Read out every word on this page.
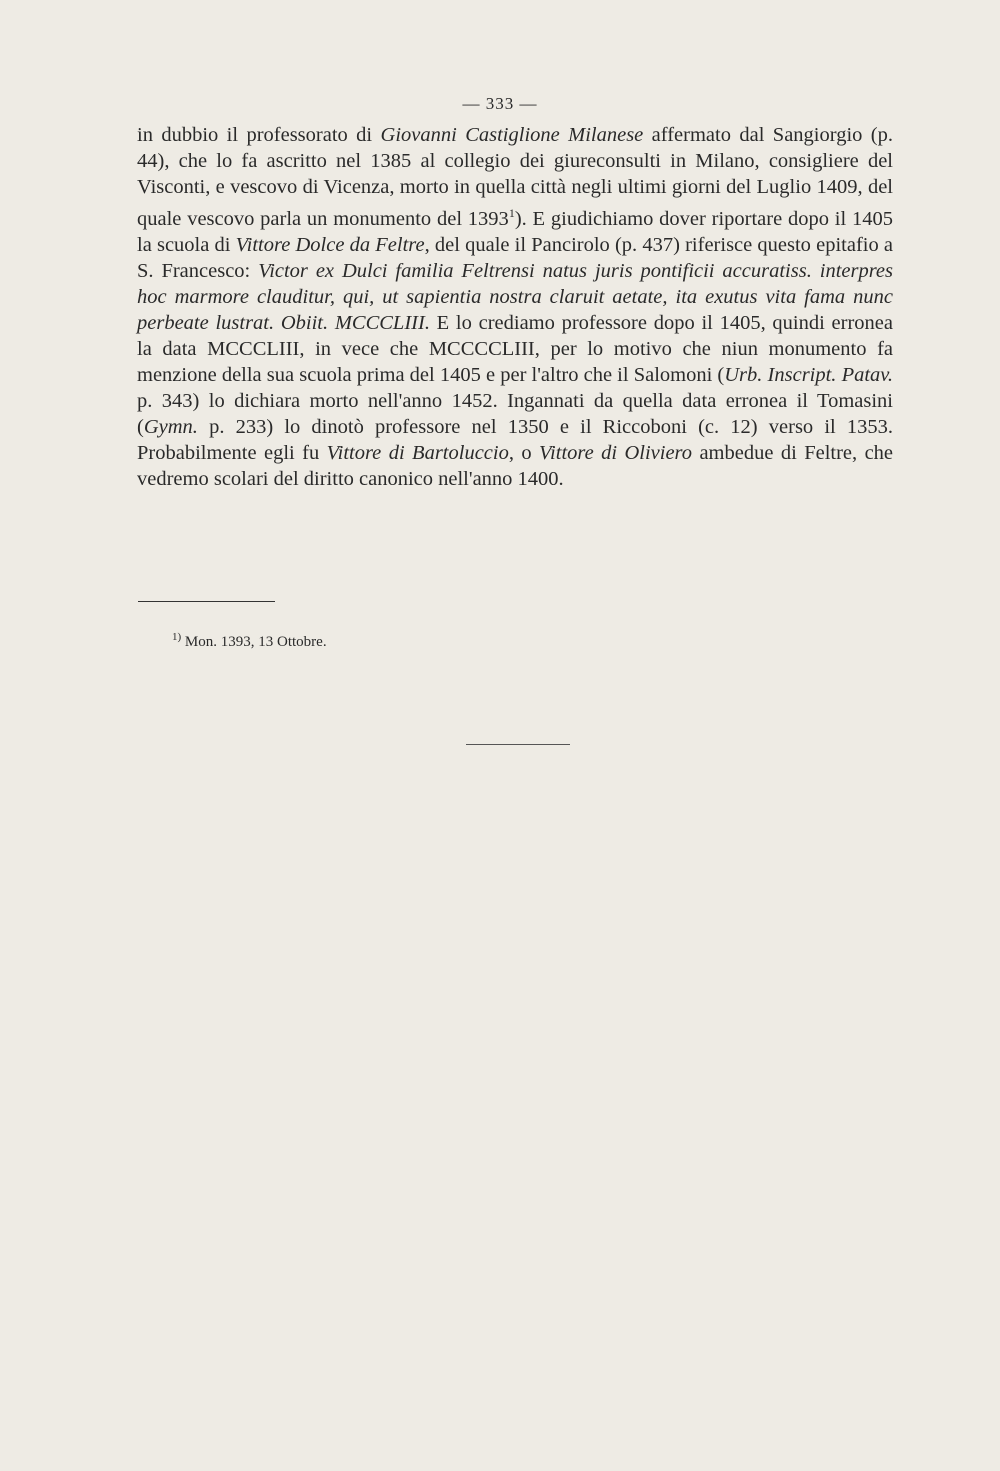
— 333 —

in dubbio il professorato di Giovanni Castiglione Milanese affermato dal Sangiorgio (p. 44), che lo fa ascritto nel 1385 al collegio dei giureconsulti in Milano, consigliere del Visconti, e vescovo di Vicenza, morto in quella città negli ultimi giorni del Luglio 1409, del quale vescovo parla un monumento del 1393$^1$). E giudichiamo dover riportare dopo il 1405 la scuola di Vittore Dolce da Feltre, del quale il Pancirolo (p. 437) riferisce questo epitafio a S. Francesco: Victor ex Dulci familia Feltrensi natus juris pontificii accuratiss. interpres hoc marmore clauditur, qui, ut sapientia nostra claruit aetate, ita exutus vita fama nunc perbeate lustrat. Obiit. MCCCLIII. E lo crediamo professore dopo il 1405, quindi erronea la data MCCCLIII, in vece che MCCCCLIII, per lo motivo che niun monumento fa menzione della sua scuola prima del 1405 e per l'altro che il Salomoni (Urb. Inscript. Patav. p. 343) lo dichiara morto nell'anno 1452. Ingannati da quella data erronea il Tomasini (Gymn. p. 233) lo dinotò professore nel 1350 e il Riccoboni (c. 12) verso il 1353. Probabilmente egli fu Vittore di Bartoluccio, o Vittore di Oliviero ambedue di Feltre, che vedremo scolari del diritto canonico nell'anno 1400.

$^{1)}$ Mon. 1393, 13 Ottobre.
